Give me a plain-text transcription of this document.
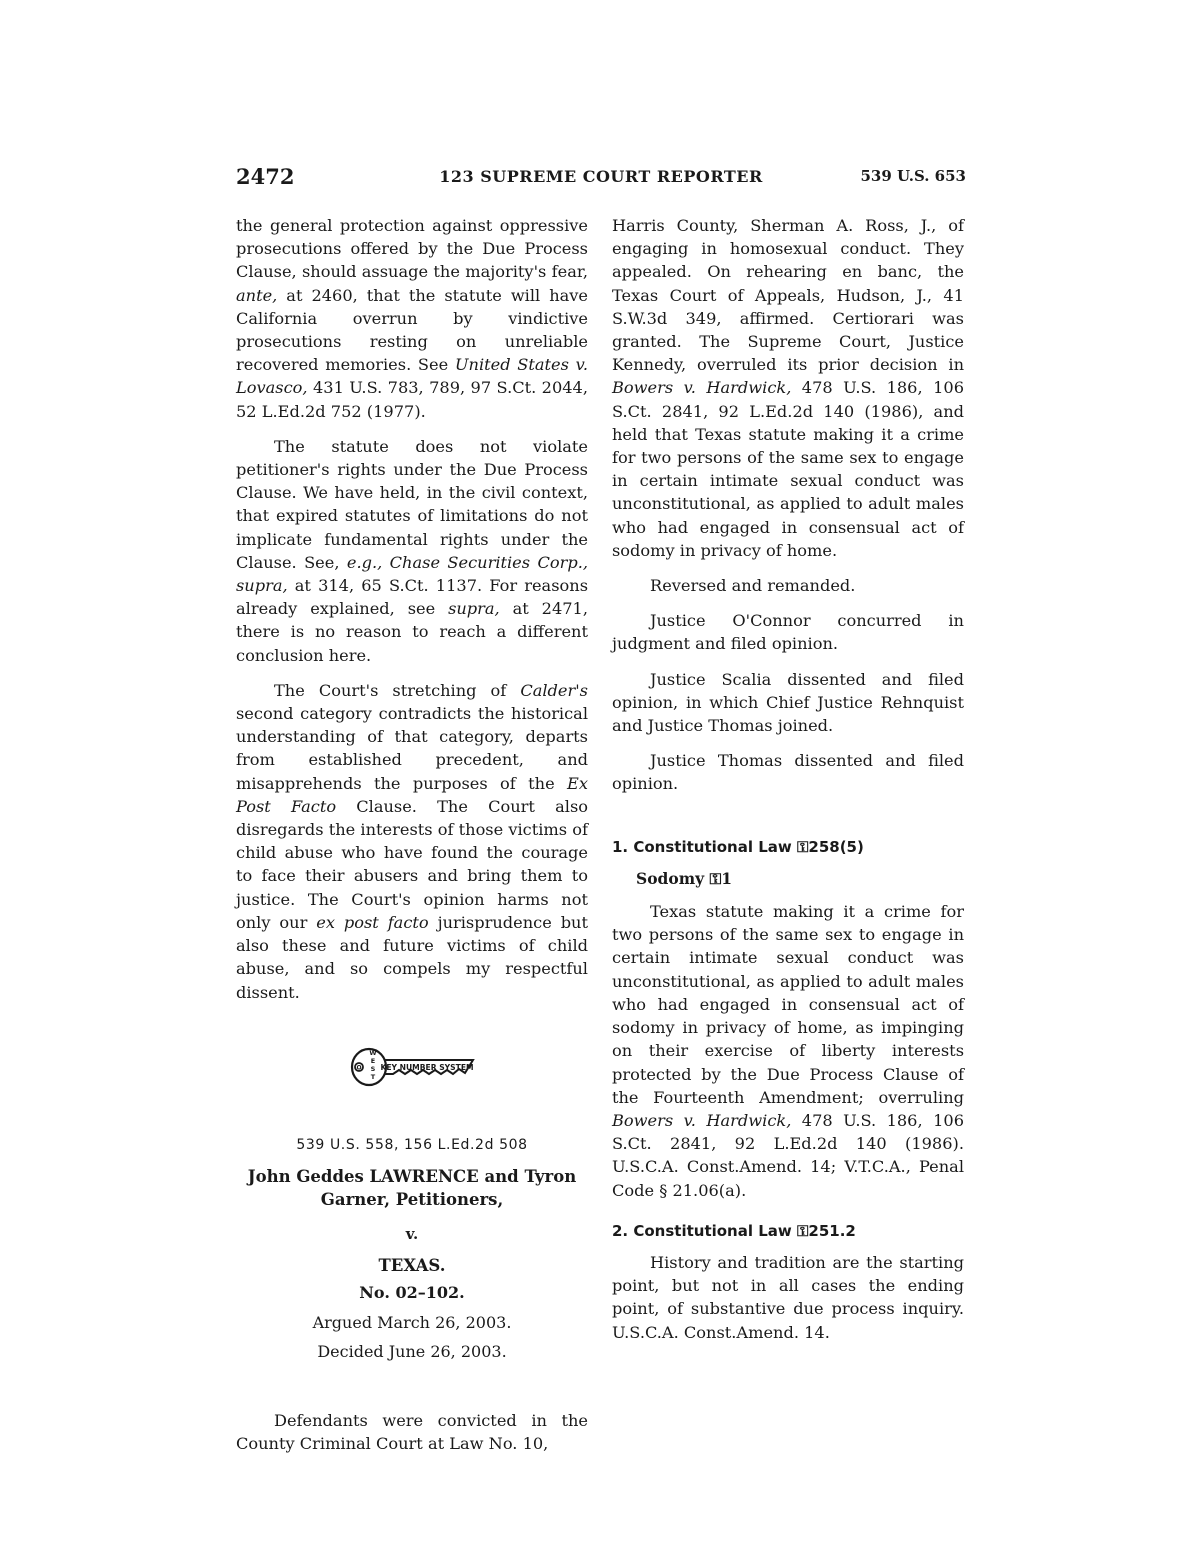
2472	123 SUPREME COURT REPORTER	539 U.S. 653

the general protection against oppressive prosecutions offered by the Due Process Clause, should assuage the majority's fear, ante, at 2460, that the statute will have California overrun by vindictive prosecutions resting on unreliable recovered memories. See United States v. Lovasco, 431 U.S. 783, 789, 97 S.Ct. 2044, 52 L.Ed.2d 752 (1977).

The statute does not violate petitioner's rights under the Due Process Clause. We have held, in the civil context, that expired statutes of limitations do not implicate fundamental rights under the Clause. See, e.g., Chase Securities Corp., supra, at 314, 65 S.Ct. 1137. For reasons already explained, see supra, at 2471, there is no reason to reach a different conclusion here.

The Court's stretching of Calder's second category contradicts the historical understanding of that category, departs from established precedent, and misapprehends the purposes of the Ex Post Facto Clause. The Court also disregards the interests of those victims of child abuse who have found the courage to face their abusers and bring them to justice. The Court's opinion harms not only our ex post facto jurisprudence but also these and future victims of child abuse, and so compels my respectful dissent.

W
E
S
T
O KEY NUMBER SYSTEM
539 U.S. 558, 156 L.Ed.2d 508
John Geddes LAWRENCE and Tyron Garner, Petitioners,
v.
TEXAS.
No. 02–102.
Argued March 26, 2003.
Decided June 26, 2003.

Defendants were convicted in the County Criminal Court at Law No. 10,

Harris County, Sherman A. Ross, J., of engaging in homosexual conduct. They appealed. On rehearing en banc, the Texas Court of Appeals, Hudson, J., 41 S.W.3d 349, affirmed. Certiorari was granted. The Supreme Court, Justice Kennedy, overruled its prior decision in Bowers v. Hardwick, 478 U.S. 186, 106 S.Ct. 2841, 92 L.Ed.2d 140 (1986), and held that Texas statute making it a crime for two persons of the same sex to engage in certain intimate sexual conduct was unconstitutional, as applied to adult males who had engaged in consensual act of sodomy in privacy of home.

Reversed and remanded.

Justice O'Connor concurred in judgment and filed opinion.

Justice Scalia dissented and filed opinion, in which Chief Justice Rehnquist and Justice Thomas joined.

Justice Thomas dissented and filed opinion.

1. Constitutional Law ⚿258(5)
Sodomy ⚿1

Texas statute making it a crime for two persons of the same sex to engage in certain intimate sexual conduct was unconstitutional, as applied to adult males who had engaged in consensual act of sodomy in privacy of home, as impinging on their exercise of liberty interests protected by the Due Process Clause of the Fourteenth Amendment; overruling Bowers v. Hardwick, 478 U.S. 186, 106 S.Ct. 2841, 92 L.Ed.2d 140 (1986). U.S.C.A. Const.Amend. 14; V.T.C.A., Penal Code § 21.06(a).

2. Constitutional Law ⚿251.2

History and tradition are the starting point, but not in all cases the ending point, of substantive due process inquiry. U.S.C.A. Const.Amend. 14.
